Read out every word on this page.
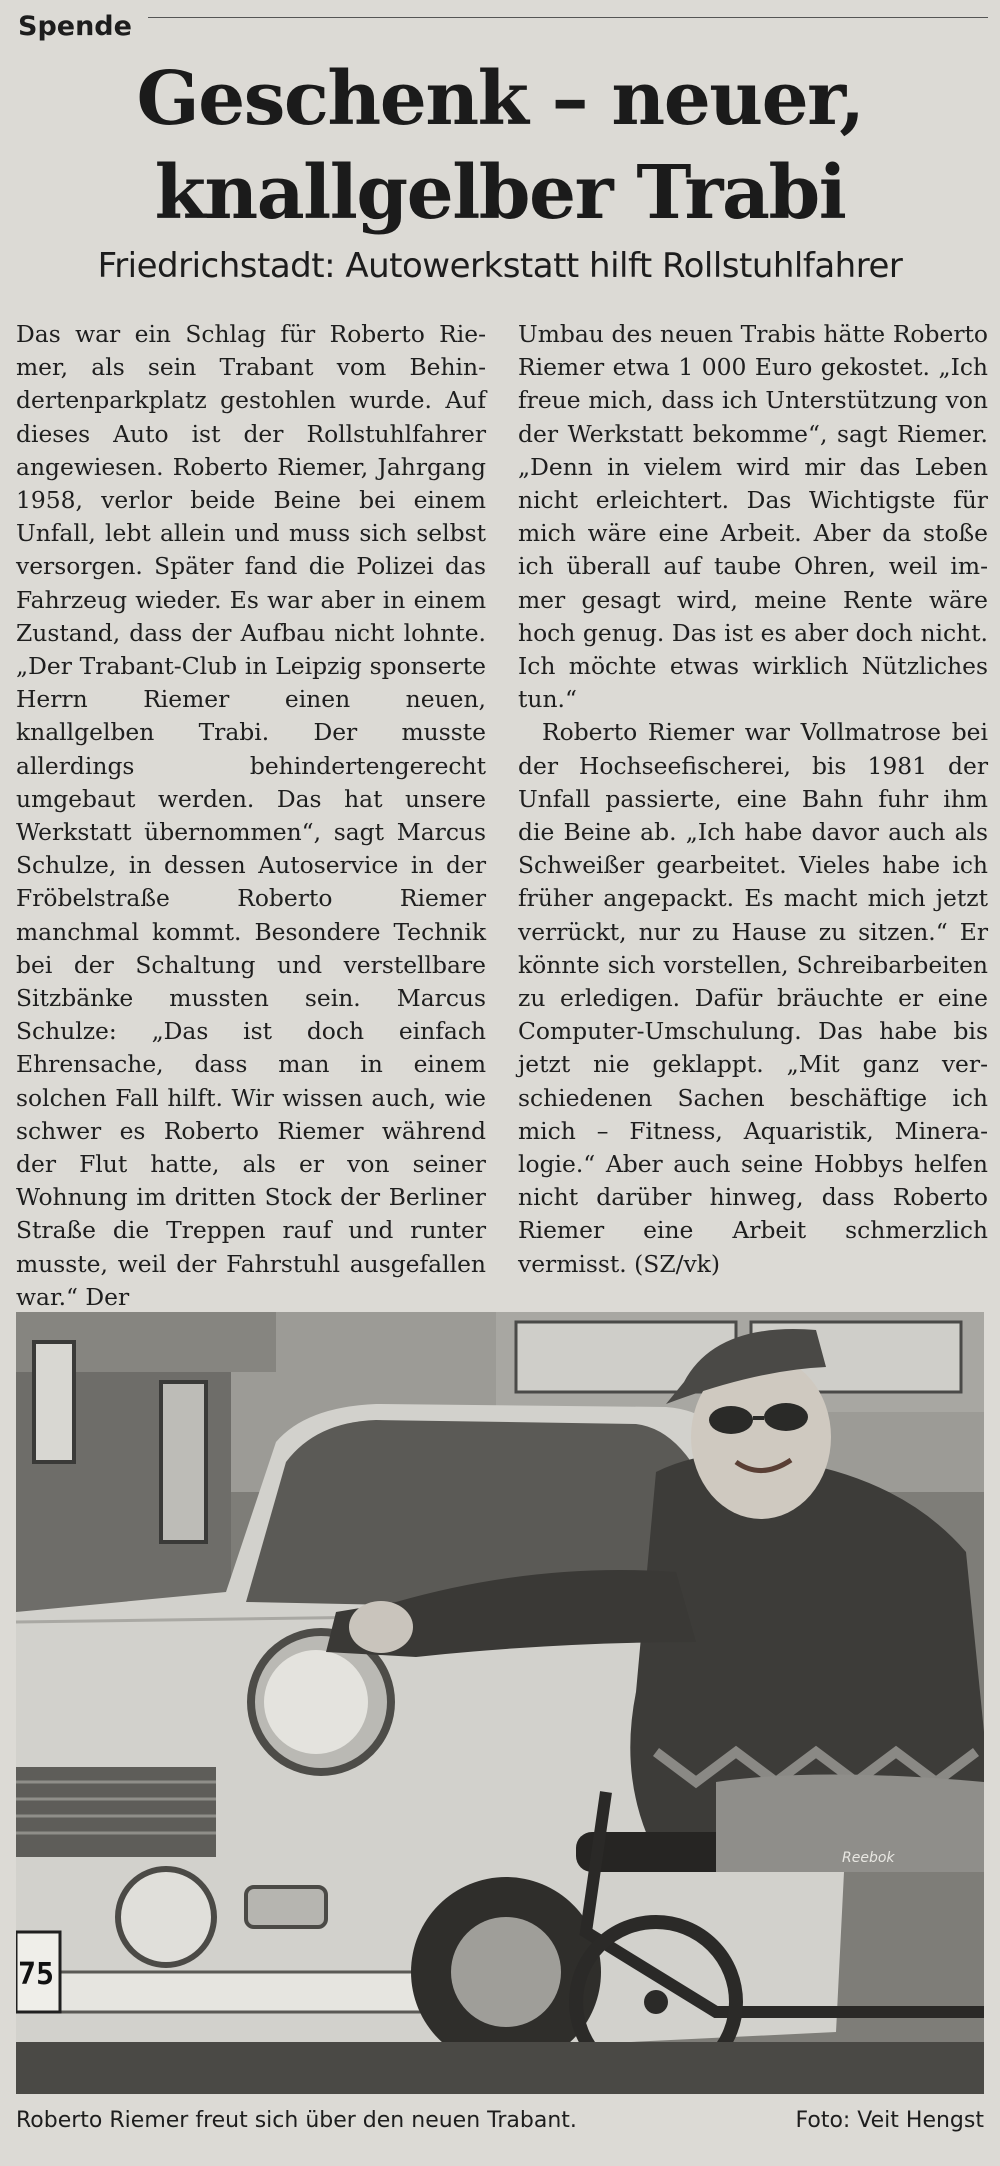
Spende
Geschenk – neuer,
knallgelber Trabi
Friedrichstadt: Autowerkstatt hilft Rollstuhlfahrer

Das war ein Schlag für Roberto Riemer, als sein Trabant vom Behindertenparkplatz gestohlen wurde. Auf dieses Auto ist der Rollstuhlfahrer angewiesen. Roberto Riemer, Jahrgang 1958, verlor beide Beine bei einem Unfall, lebt allein und muss sich selbst versorgen. Später fand die Polizei das Fahrzeug wieder. Es war aber in einem Zustand, dass der Aufbau nicht lohnte. „Der Trabant-Club in Leipzig sponserte Herrn Riemer einen neuen, knallgelben Trabi. Der musste allerdings behindertengerecht umgebaut werden. Das hat unsere Werkstatt übernommen“, sagt Marcus Schulze, in dessen Autoservice in der Fröbelstraße Roberto Riemer manchmal kommt. Besondere Technik bei der Schaltung und verstellbare Sitzbänke mussten sein. Marcus Schulze: „Das ist doch einfach Ehrensache, dass man in einem solchen Fall hilft. Wir wissen auch, wie schwer es Roberto Riemer während der Flut hatte, als er von seiner Wohnung im dritten Stock der Berliner Straße die Treppen rauf und runter musste, weil der Fahrstuhl ausgefallen war.“ Der

Umbau des neuen Trabis hätte Roberto Riemer etwa 1 000 Euro gekostet. „Ich freue mich, dass ich Unterstützung von der Werkstatt bekomme“, sagt Riemer. „Denn in vielem wird mir das Leben nicht erleichtert. Das Wichtigste für mich wäre eine Arbeit. Aber da stoße ich überall auf taube Ohren, weil immer gesagt wird, meine Rente wäre hoch genug. Das ist es aber doch nicht. Ich möchte etwas wirklich Nützliches tun.“

Roberto Riemer war Vollmatrose bei der Hochseefischerei, bis 1981 der Unfall passierte, eine Bahn fuhr ihm die Beine ab. „Ich habe davor auch als Schweißer gearbeitet. Vieles habe ich früher angepackt. Es macht mich jetzt verrückt, nur zu Hause zu sitzen.“ Er könnte sich vorstellen, Schreibarbeiten zu erledigen. Dafür bräuchte er eine Computer-Umschulung. Das habe bis jetzt nie geklappt. „Mit ganz verschiedenen Sachen beschäftige ich mich – Fitness, Aquaristik, Mineralogie.“ Aber auch seine Hobbys helfen nicht darüber hinweg, dass Roberto Riemer eine Arbeit schmerzlich vermisst. (SZ/vk)

75
Reebok
Roberto Riemer freut sich über den neuen Trabant.	Foto: Veit Hengst
